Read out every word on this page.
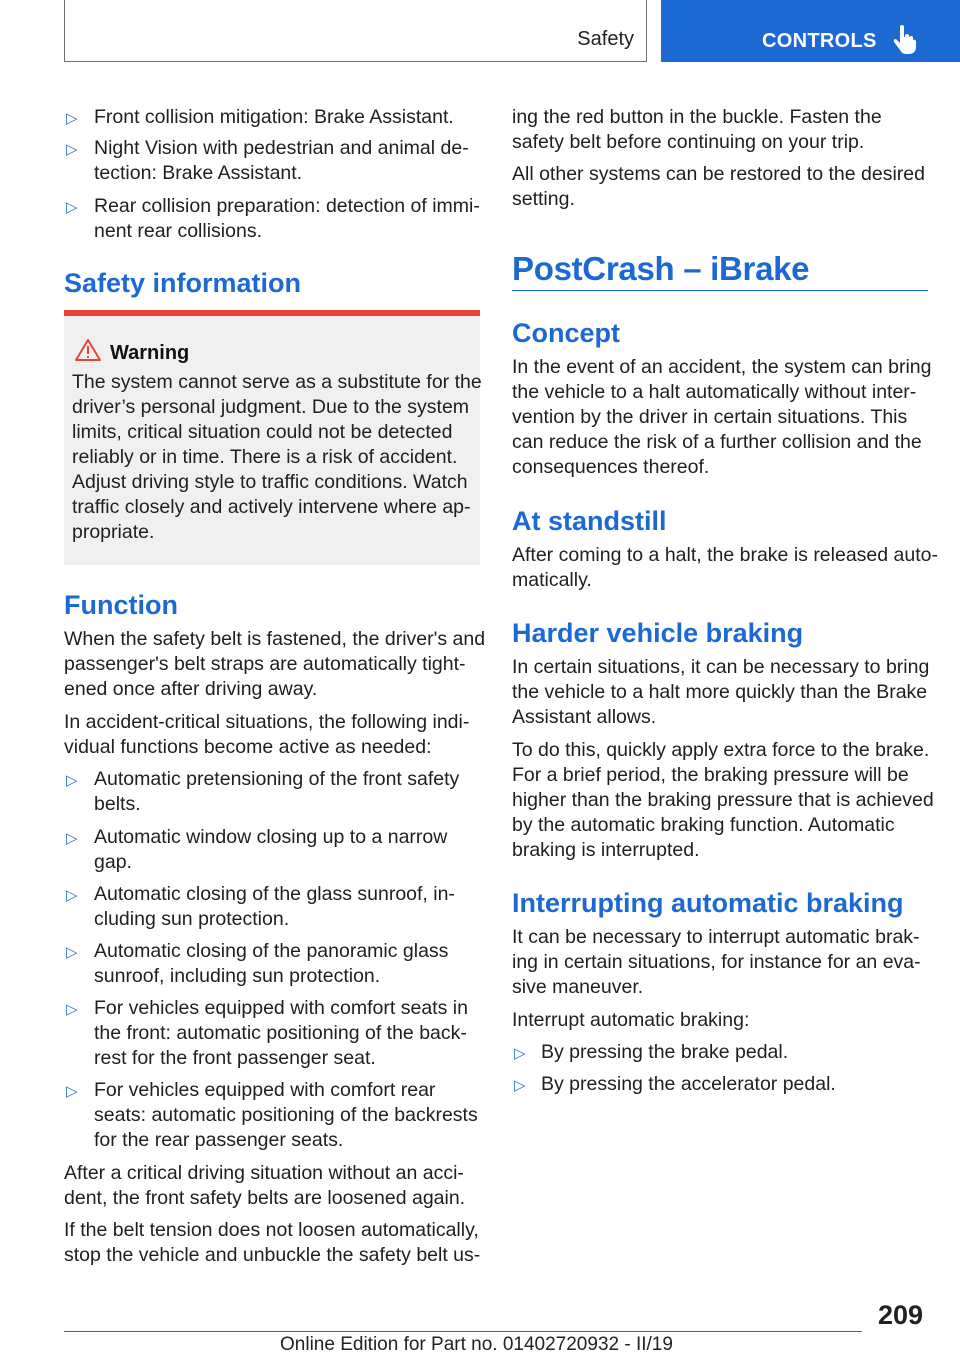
Safety	CONTROLS
Warning
209
Online Edition for Part no. 01402720932 - II/19
▷ Front collision mitigation: Brake Assistant.
▷ Night Vision with pedestrian and animal de-
tection: Brake Assistant.
▷ Rear collision preparation: detection of immi-
nent rear collisions.
Safety information
The system cannot serve as a substitute for the
driver’s personal judgment. Due to the system
limits, critical situation could not be detected
reliably or in time. There is a risk of accident.
Adjust driving style to traffic conditions. Watch
traffic closely and actively intervene where ap-
propriate.
Function
When the safety belt is fastened, the driver's and
passenger's belt straps are automatically tight-
ened once after driving away.
In accident-critical situations, the following indi-
vidual functions become active as needed:
▷ Automatic pretensioning of the front safety
belts.
▷ Automatic window closing up to a narrow
gap.
▷ Automatic closing of the glass sunroof, in-
cluding sun protection.
▷ Automatic closing of the panoramic glass
sunroof, including sun protection.
▷ For vehicles equipped with comfort seats in
the front: automatic positioning of the back-
rest for the front passenger seat.
▷ For vehicles equipped with comfort rear
seats: automatic positioning of the backrests
for the rear passenger seats.
After a critical driving situation without an acci-
dent, the front safety belts are loosened again.
If the belt tension does not loosen automatically,
stop the vehicle and unbuckle the safety belt us-
ing the red button in the buckle. Fasten the
safety belt before continuing on your trip.
All other systems can be restored to the desired
setting.
PostCrash – iBrake
Concept
In the event of an accident, the system can bring
the vehicle to a halt automatically without inter-
vention by the driver in certain situations. This
can reduce the risk of a further collision and the
consequences thereof.
At standstill
After coming to a halt, the brake is released auto-
matically.
Harder vehicle braking
In certain situations, it can be necessary to bring
the vehicle to a halt more quickly than the Brake
Assistant allows.
To do this, quickly apply extra force to the brake.
For a brief period, the braking pressure will be
higher than the braking pressure that is achieved
by the automatic braking function. Automatic
braking is interrupted.
Interrupting automatic braking
It can be necessary to interrupt automatic brak-
ing in certain situations, for instance for an eva-
sive maneuver.
Interrupt automatic braking:
▷ By pressing the brake pedal.
▷ By pressing the accelerator pedal.
